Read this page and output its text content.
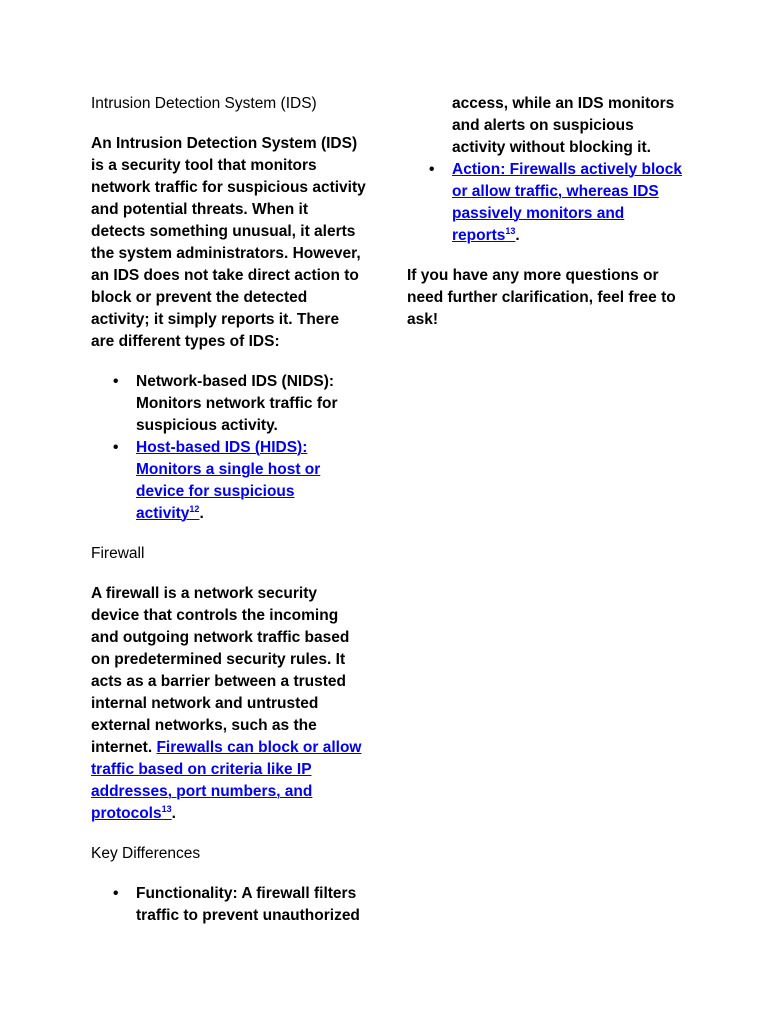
Intrusion Detection System (IDS)
An Intrusion Detection System (IDS) is a security tool that monitors network traffic for suspicious activity and potential threats. When it detects something unusual, it alerts the system administrators. However, an IDS does not take direct action to block or prevent the detected activity; it simply reports it. There are different types of IDS:
• Network-based IDS (NIDS): Monitors network traffic for suspicious activity.
• Host-based IDS (HIDS): Monitors a single host or device for suspicious activity$^{12}$.
Firewall
A firewall is a network security device that controls the incoming and outgoing network traffic based on predetermined security rules. It acts as a barrier between a trusted internal network and untrusted external networks, such as the internet. Firewalls can block or allow traffic based on criteria like IP addresses, port numbers, and protocols$^{13}$.
Key Differences
• Functionality: A firewall filters traffic to prevent unauthorized
access, while an IDS monitors and alerts on suspicious activity without blocking it.
• Action: Firewalls actively block or allow traffic, whereas IDS passively monitors and reports$^{13}$.
If you have any more questions or need further clarification, feel free to ask!
